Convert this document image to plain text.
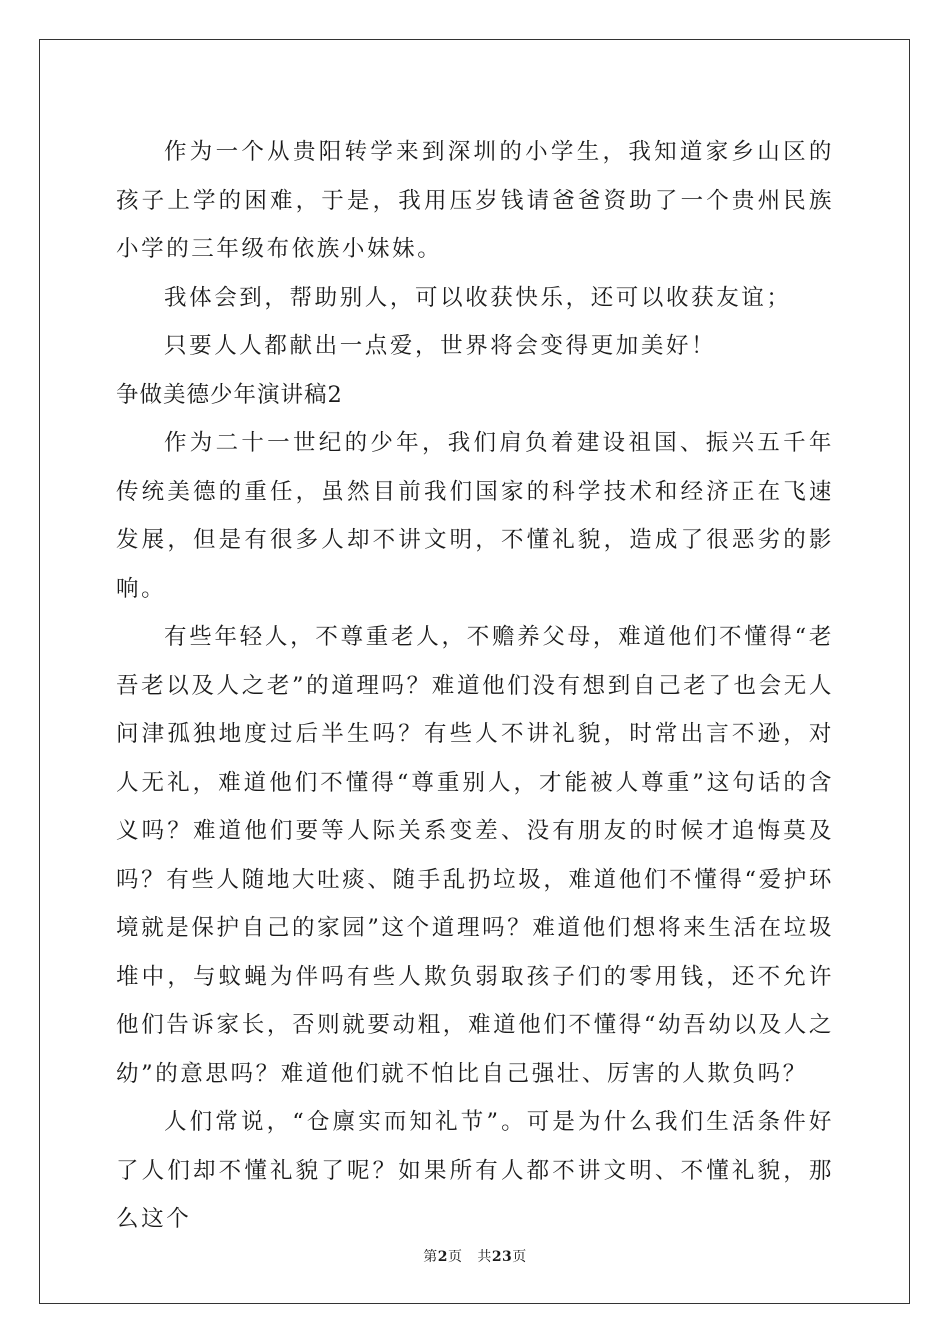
作为一个从贵阳转学来到深圳的小学生，我知道家乡山区的孩子上学的困难，于是，我用压岁钱请爸爸资助了一个贵州民族小学的三年级布依族小妹妹。

我体会到，帮助别人，可以收获快乐，还可以收获友谊；

只要人人都献出一点爱，世界将会变得更加美好！

争做美德少年演讲稿2

作为二十一世纪的少年，我们肩负着建设祖国、振兴五千年传统美德的重任，虽然目前我们国家的科学技术和经济正在飞速发展，但是有很多人却不讲文明，不懂礼貌，造成了很恶劣的影响。

有些年轻人，不尊重老人，不赡养父母，难道他们不懂得“老吾老以及人之老”的道理吗？难道他们没有想到自己老了也会无人问津孤独地度过后半生吗？有些人不讲礼貌，时常出言不逊，对人无礼，难道他们不懂得“尊重别人，才能被人尊重”这句话的含义吗？难道他们要等人际关系变差、没有朋友的时候才追悔莫及吗？有些人随地大吐痰、随手乱扔垃圾，难道他们不懂得“爱护环境就是保护自己的家园”这个道理吗？难道他们想将来生活在垃圾堆中，与蚊蝇为伴吗有些人欺负弱取孩子们的零用钱，还不允许他们告诉家长，否则就要动粗，难道他们不懂得“幼吾幼以及人之幼”的意思吗？难道他们就不怕比自己强壮、厉害的人欺负吗？

人们常说，“仓廪实而知礼节”。可是为什么我们生活条件好了人们却不懂礼貌了呢？如果所有人都不讲文明、不懂礼貌，那么这个

第2页 共23页
